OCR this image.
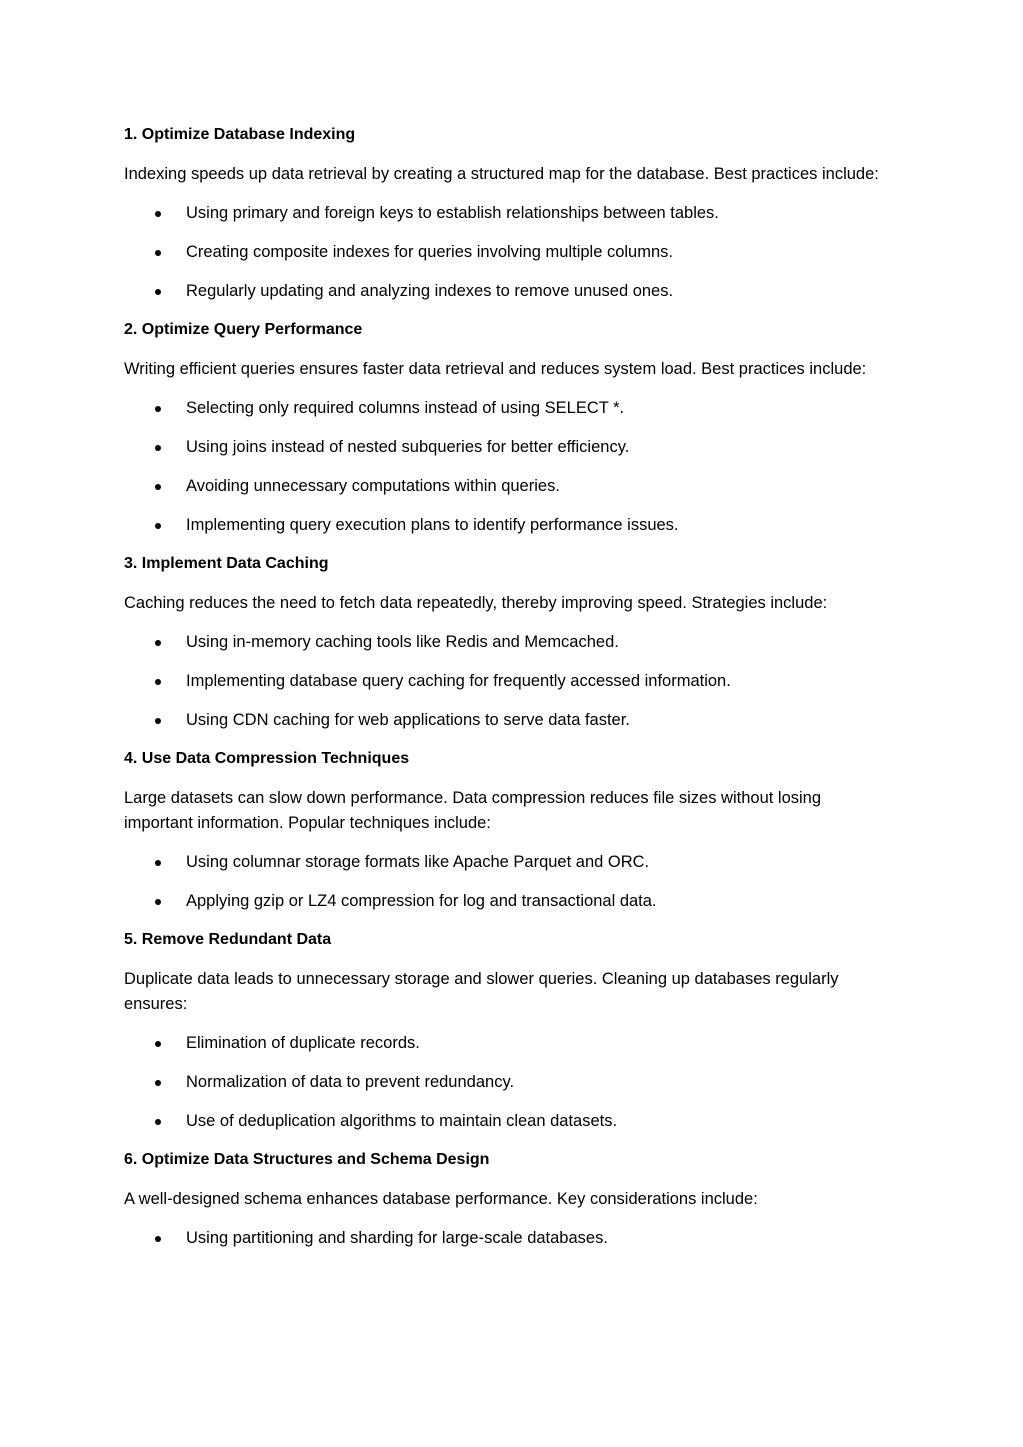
1. Optimize Database Indexing

Indexing speeds up data retrieval by creating a structured map for the database. Best practices include:

Using primary and foreign keys to establish relationships between tables.
Creating composite indexes for queries involving multiple columns.
Regularly updating and analyzing indexes to remove unused ones.
2. Optimize Query Performance

Writing efficient queries ensures faster data retrieval and reduces system load. Best practices include:

Selecting only required columns instead of using SELECT *.
Using joins instead of nested subqueries for better efficiency.
Avoiding unnecessary computations within queries.
Implementing query execution plans to identify performance issues.
3. Implement Data Caching

Caching reduces the need to fetch data repeatedly, thereby improving speed. Strategies include:

Using in-memory caching tools like Redis and Memcached.
Implementing database query caching for frequently accessed information.
Using CDN caching for web applications to serve data faster.
4. Use Data Compression Techniques

Large datasets can slow down performance. Data compression reduces file sizes without losing important information. Popular techniques include:

Using columnar storage formats like Apache Parquet and ORC.
Applying gzip or LZ4 compression for log and transactional data.
5. Remove Redundant Data

Duplicate data leads to unnecessary storage and slower queries. Cleaning up databases regularly ensures:

Elimination of duplicate records.
Normalization of data to prevent redundancy.
Use of deduplication algorithms to maintain clean datasets.
6. Optimize Data Structures and Schema Design

A well-designed schema enhances database performance. Key considerations include:

Using partitioning and sharding for large-scale databases.
